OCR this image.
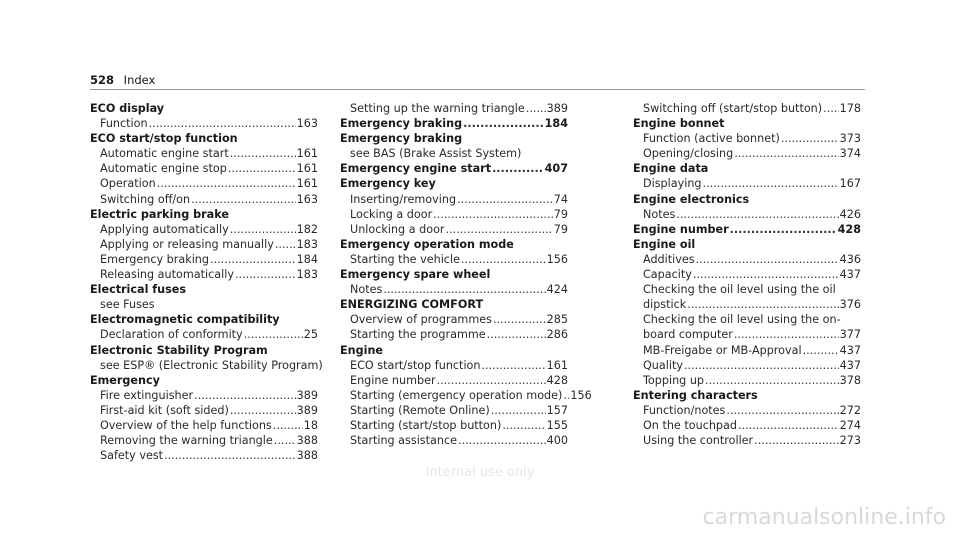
528 Index
ECO display
Function .....	163
ECO start/stop function
Automatic engine start .....	161
Automatic engine stop .....	161
Operation .....	161
Switching off/on .....	163
Electric parking brake
Applying automatically .....	182
Applying or releasing manually ..... 183
Emergency braking .....	184
Releasing automatically .....	183
Electrical fuses
see Fuses
Electromagnetic compatibility
Declaration of conformity .....	25
Electronic Stability Program
see ESP® (Electronic Stability Program)
Emergency
Fire extinguisher .....	389
First-aid kit (soft sided) .....	389
Overview of the help functions .....	18
Removing the warning triangle ..... 388
Safety vest .....	388
Setting up the warning triangle ..... 389
Emergency braking .....	184
Emergency braking
see BAS (Brake Assist System)
Emergency engine start .....	407
Emergency key
Inserting/removing .....	74
Locking a door .....	79
Unlocking a door .....	79
Emergency operation mode
Starting the vehicle .....	156
Emergency spare wheel
Notes .....	424
ENERGIZING COMFORT
Overview of programmes .....	285
Starting the programme .....	286
Engine
ECO start/stop function .....	161
Engine number .....	428
Starting (emergency operation mode) ..... 156
Starting (Remote Online) .....	157
Starting (start/stop button) .....	155
Starting assistance .....	400
Switching off (start/stop button) ..... 178
Engine bonnet
Function (active bonnet) .....	373
Opening/closing .....	374
Engine data
Displaying .....	167
Engine electronics
Notes .....	426
Engine number .....	428
Engine oil
Additives .....	436
Capacity .....	437
Checking the oil level using the oil
dipstick .....	376
Checking the oil level using the on-
board computer .....	377
MB-Freigabe or MB-Approval .....	437
Quality .....	437
Topping up .....	378
Entering characters
Function/notes .....	272
On the touchpad .....	274
Using the controller .....	273
Internal use only
carmanualsonline.info
